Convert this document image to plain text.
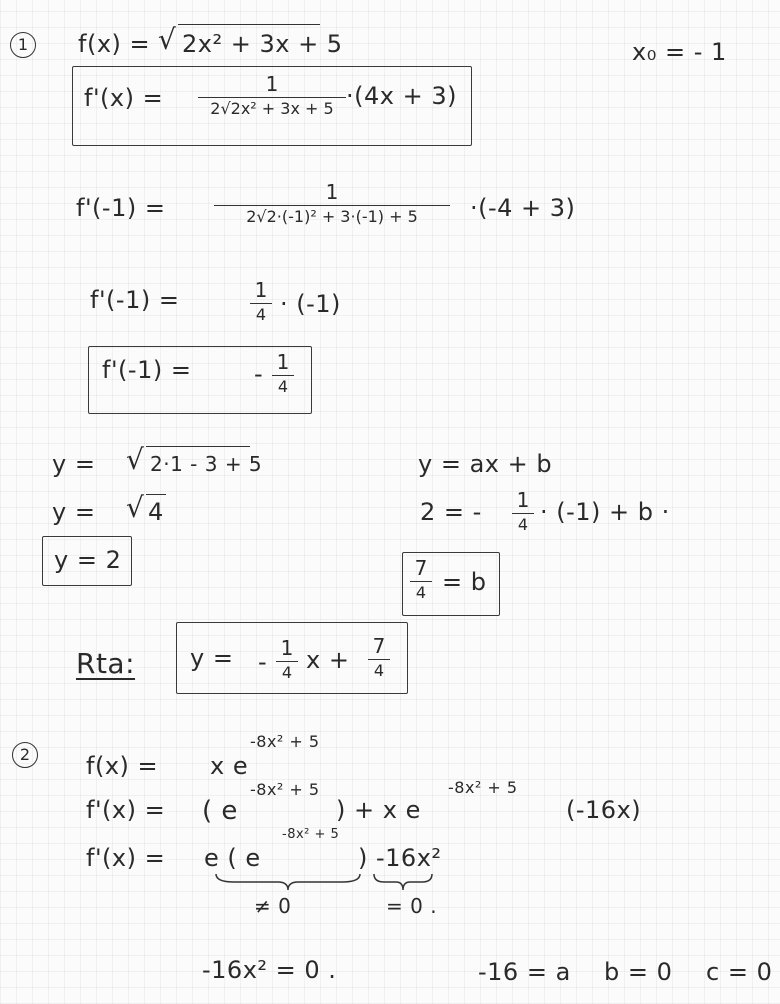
1	f(x) = √ 2x² + 3x + 5	x₀ = - 1
f'(x) =	1
2√2x² + 3x + 5 ·(4x + 3)
f'(-1) =
1
2√2·(-1)² + 3·(-1) + 5 ·(-4 + 3)
f'(-1) =	1
4 · (-1)
f'(-1) =	- 1
4
y = √ 2·1 - 3 + 5
y = √ 4
y = 2
y = ax + b
2 = - 1
4 · (-1) + b ·
7
4 = b
Rta: y = - 1
4 x + 7
4
2	f(x) = x e
-8x² + 5
f'(x) = ( e
-8x² + 5
) + x e
-8x² + 5
(-16x)
f'(x) = e ( e
-8x² + 5
) -16x²
≠ 0	= 0 .
-16x² = 0 .	-16 = a b = 0 c = 0
